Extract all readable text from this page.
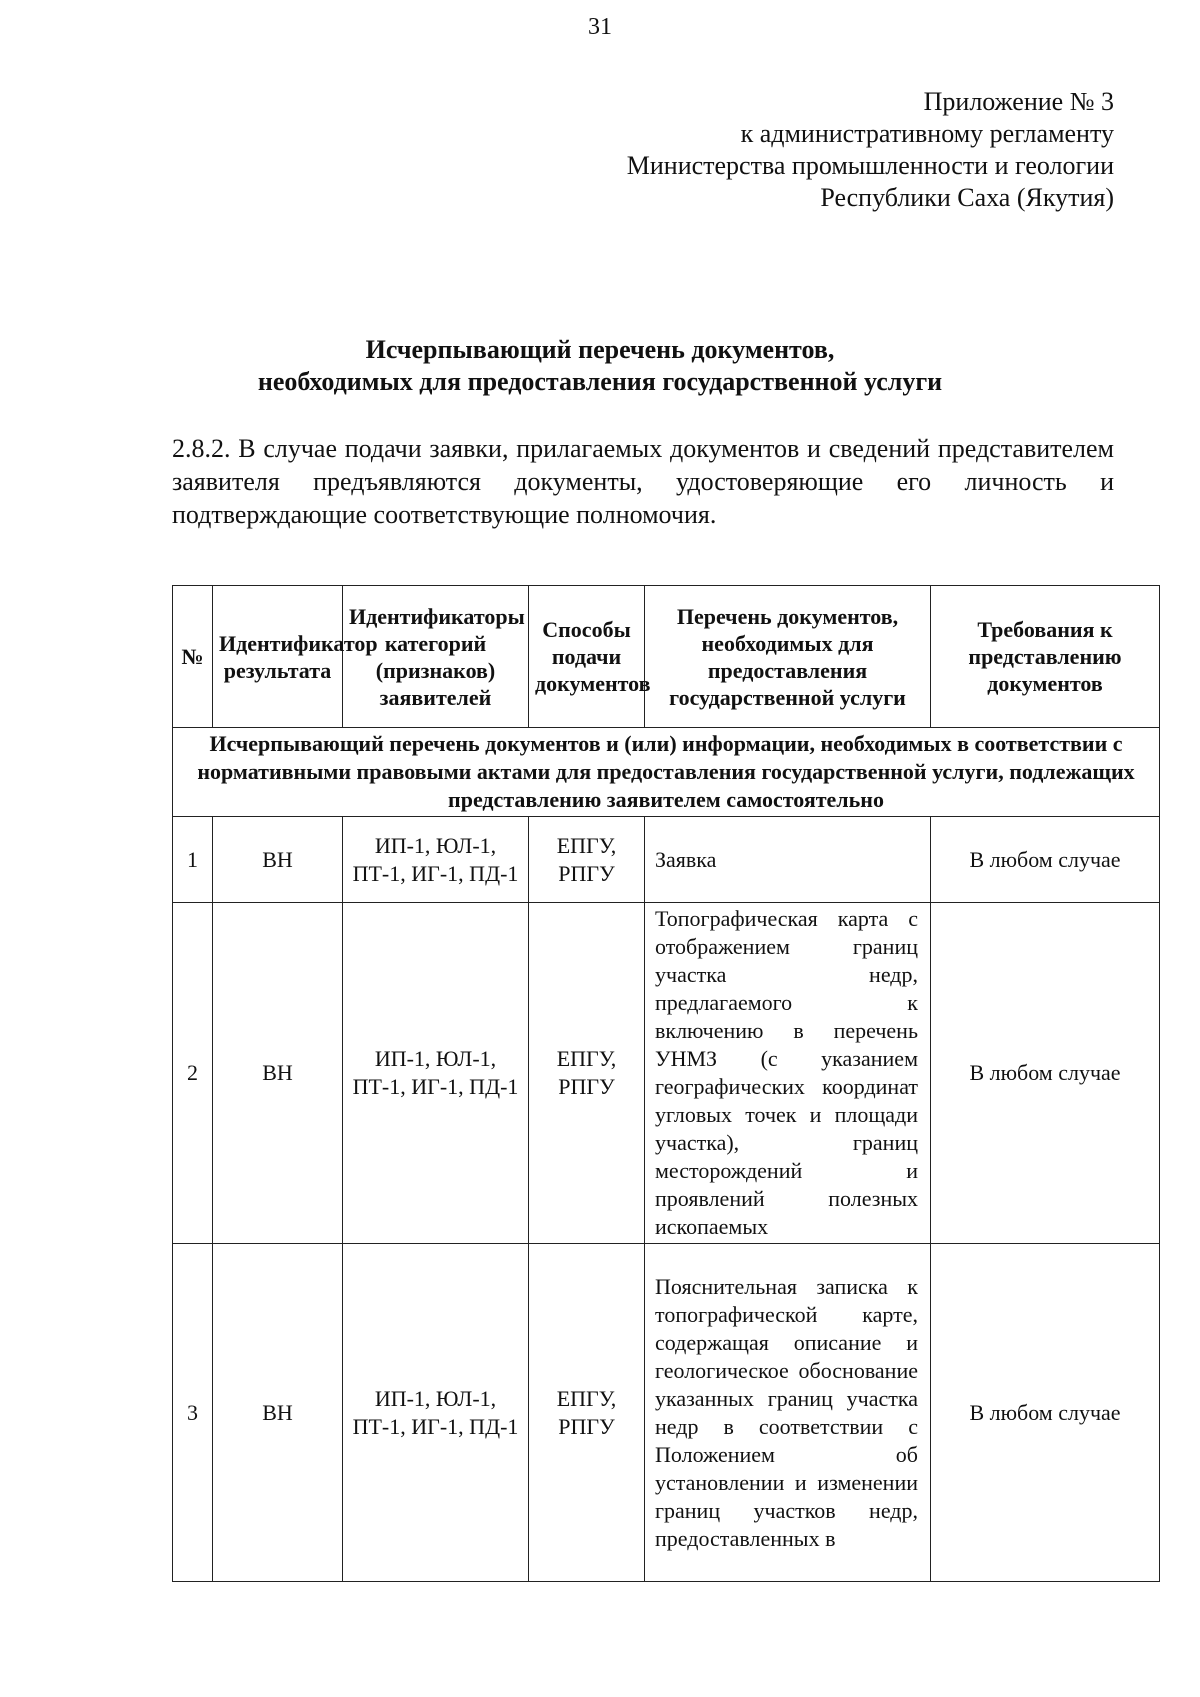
31
Приложение № 3
к административному регламенту
Министерства промышленности и геологии
Республики Саха (Якутия)
Исчерпывающий перечень документов,
необходимых для предоставления государственной услуги
2.8.2. В случае подачи заявки, прилагаемых документов и сведений представителем заявителя предъявляются документы, удостоверяющие его личность и подтверждающие соответствующие полномочия.
№	Идентификатор результата	Идентификаторы категорий (признаков) заявителей	Способы подачи документов	Перечень документов, необходимых для предоставления государственной услуги	Требования к представлению документов
Исчерпывающий перечень документов и (или) информации, необходимых в соответствии с нормативными правовыми актами для предоставления государственной услуги, подлежащих представлению заявителем самостоятельно					
1	ВН	ИП-1, ЮЛ-1, ПТ-1, ИГ-1, ПД-1	ЕПГУ, РПГУ	Заявка	В любом случае
2	ВН	ИП-1, ЮЛ-1, ПТ-1, ИГ-1, ПД-1	ЕПГУ, РПГУ	Топографическая карта с отображением границ участка недр, предлагаемого к включению в перечень УНМЗ (с указанием географических координат угловых точек и площади участка), границ месторождений и проявлений полезных ископаемых	В любом случае
3	ВН	ИП-1, ЮЛ-1, ПТ-1, ИГ-1, ПД-1	ЕПГУ, РПГУ	Пояснительная записка к топографической карте, содержащая описание и геологическое обоснование указанных границ участка недр в соответствии с Положением об установлении и изменении границ участков недр, предоставленных в	В любом случае
